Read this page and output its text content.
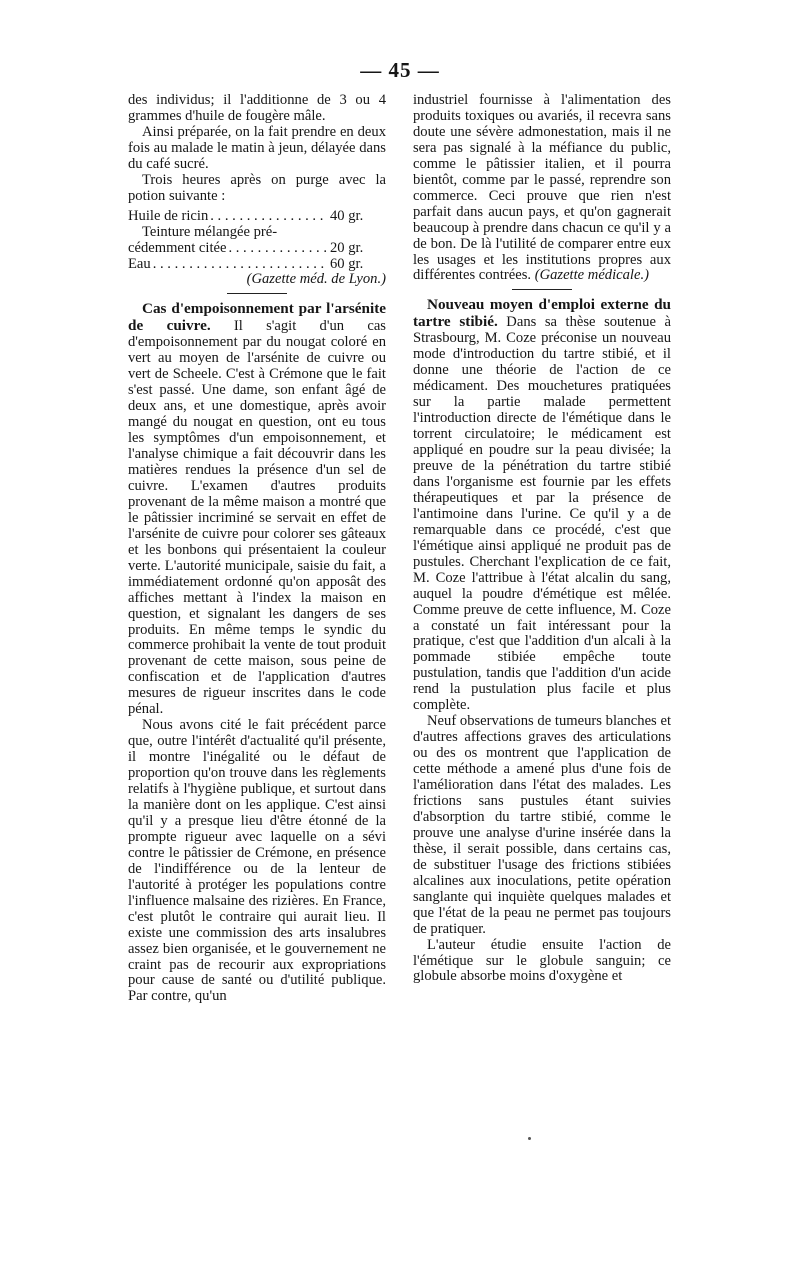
— 45 —

des individus; il l'additionne de 3 ou 4 grammes d'huile de fougère mâle.

Ainsi préparée, on la fait prendre en deux fois au malade le matin à jeun, délayée dans du café sucré.

Trois heures après on purge avec la potion suivante :

Huile de ricin . . .	40 gr.
Teinture mélangée pré-
cédemment citée . . .	20 gr.
Eau . . .	60 gr.

(Gazette méd. de Lyon.)

Cas d'empoisonnement par l'arsénite de cuivre. Il s'agit d'un cas d'empoisonnement par du nougat coloré en vert au moyen de l'arsénite de cuivre ou vert de Scheele. C'est à Crémone que le fait s'est passé. Une dame, son enfant âgé de deux ans, et une domestique, après avoir mangé du nougat en question, ont eu tous les symptômes d'un empoisonnement, et l'analyse chimique a fait découvrir dans les matières rendues la présence d'un sel de cuivre. L'examen d'autres produits provenant de la même maison a montré que le pâtissier incriminé se servait en effet de l'arsénite de cuivre pour colorer ses gâteaux et les bonbons qui présentaient la couleur verte. L'autorité municipale, saisie du fait, a immédiatement ordonné qu'on apposât des affiches mettant à l'index la maison en question, et signalant les dangers de ses produits. En même temps le syndic du commerce prohibait la vente de tout produit provenant de cette maison, sous peine de confiscation et de l'application d'autres mesures de rigueur inscrites dans le code pénal.

Nous avons cité le fait précédent parce que, outre l'intérêt d'actualité qu'il présente, il montre l'inégalité ou le défaut de proportion qu'on trouve dans les règlements relatifs à l'hygiène publique, et surtout dans la manière dont on les applique. C'est ainsi qu'il y a presque lieu d'être étonné de la prompte rigueur avec laquelle on a sévi contre le pâtissier de Crémone, en présence de l'indifférence ou de la lenteur de l'autorité à protéger les populations contre l'influence malsaine des rizières. En France, c'est plutôt le contraire qui aurait lieu. Il existe une commission des arts insalubres assez bien organisée, et le gouvernement ne craint pas de recourir aux expropriations pour cause de santé ou d'utilité publique. Par contre, qu'un

industriel fournisse à l'alimentation des produits toxiques ou avariés, il recevra sans doute une sévère admonestation, mais il ne sera pas signalé à la méfiance du public, comme le pâtissier italien, et il pourra bientôt, comme par le passé, reprendre son commerce. Ceci prouve que rien n'est parfait dans aucun pays, et qu'on gagnerait beaucoup à prendre dans chacun ce qu'il y a de bon. De là l'utilité de comparer entre eux les usages et les institutions propres aux différentes contrées. (Gazette médicale.)

Nouveau moyen d'emploi externe du tartre stibié. Dans sa thèse soutenue à Strasbourg, M. Coze préconise un nouveau mode d'introduction du tartre stibié, et il donne une théorie de l'action de ce médicament. Des mouchetures pratiquées sur la partie malade permettent l'introduction directe de l'émétique dans le torrent circulatoire; le médicament est appliqué en poudre sur la peau divisée; la preuve de la pénétration du tartre stibié dans l'organisme est fournie par les effets thérapeutiques et par la présence de l'antimoine dans l'urine. Ce qu'il y a de remarquable dans ce procédé, c'est que l'émétique ainsi appliqué ne produit pas de pustules. Cherchant l'explication de ce fait, M. Coze l'attribue à l'état alcalin du sang, auquel la poudre d'émétique est mêlée. Comme preuve de cette influence, M. Coze a constaté un fait intéressant pour la pratique, c'est que l'addition d'un alcali à la pommade stibiée empêche toute pustulation, tandis que l'addition d'un acide rend la pustulation plus facile et plus complète.

Neuf observations de tumeurs blanches et d'autres affections graves des articulations ou des os montrent que l'application de cette méthode a amené plus d'une fois de l'amélioration dans l'état des malades. Les frictions sans pustules étant suivies d'absorption du tartre stibié, comme le prouve une analyse d'urine insérée dans la thèse, il serait possible, dans certains cas, de substituer l'usage des frictions stibiées alcalines aux inoculations, petite opération sanglante qui inquiète quelques malades et que l'état de la peau ne permet pas toujours de pratiquer.

L'auteur étudie ensuite l'action de l'émétique sur le globule sanguin; ce globule absorbe moins d'oxygène et
